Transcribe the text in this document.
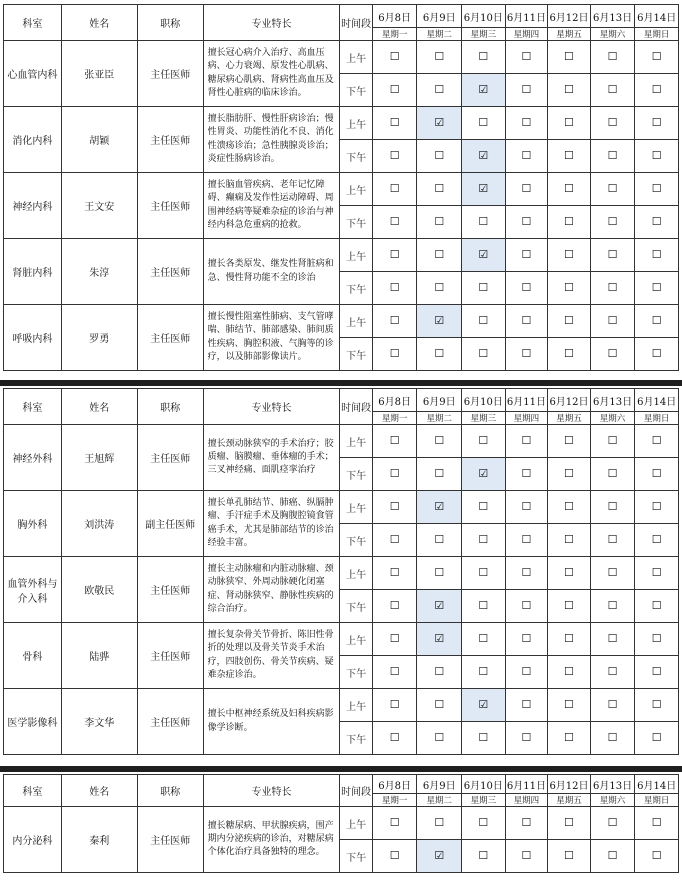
科室	姓名	职称	专业特长	时间段	6月8日	6月9日	6月10日	6月11日	6月12日	6月13日	6月14日
					星期一	星期二	星期三	星期四	星期五	星期六	星期日
心血管内科	张亚臣	主任医师	擅长冠心病介入治疗、高血压病、心力衰竭、原发性心肌病、糖尿病心肌病、肾病性高血压及肾性心脏病的临床诊治。	上午	☐	☐	☐	☐	☐	☐	☐
				下午	☐	☐	☑	☐	☐	☐	☐
消化内科	胡颖	主任医师	擅长脂肪肝、慢性肝病诊治；慢性胃炎、功能性消化不良、消化性溃疡诊治；急性胰腺炎诊治；炎症性肠病诊治。	上午	☐	☑	☐	☐	☐	☐	☐
				下午	☐	☐	☑	☐	☐	☐	☐
神经内科	王文安	主任医师	擅长脑血管疾病、老年记忆障碍、癫痫及发作性运动障碍、周围神经病等疑难杂症的诊治与神经内科急危重病的抢救。	上午	☐	☐	☑	☐	☐	☐	☐
				下午	☐	☐	☐	☐	☐	☐	☐
肾脏内科	朱淳	主任医师	擅长各类原发、继发性肾脏病和急、慢性肾功能不全的诊治	上午	☐	☐	☑	☐	☐	☐	☐
				下午	☐	☐	☐	☐	☐	☐	☐
呼吸内科	罗勇	主任医师	擅长慢性阻塞性肺病、支气管哮喘、肺结节、肺部感染、肺间质性疾病、胸腔积液、气胸等的诊疗，以及肺部影像读片。	上午	☐	☑	☐	☐	☐	☐	☐
				下午	☐	☐	☐	☐	☐	☐	☐
科室	姓名	职称	专业特长	时间段	6月8日	6月9日	6月10日	6月11日	6月12日	6月13日	6月14日
					星期一	星期二	星期三	星期四	星期五	星期六	星期日
神经外科	王旭辉	主任医师	擅长颈动脉狭窄的手术治疗；胶质瘤、脑膜瘤、垂体瘤的手术；三叉神经痛、面肌痉挛治疗	上午	☐	☐	☐	☐	☐	☐	☐
				下午	☐	☐	☑	☐	☐	☐	☐
胸外科	刘洪涛	副主任医师	擅长单孔肺结节、肺癌、纵膈肿瘤、手汗症手术及胸腹腔镜食管癌手术，尤其是肺部结节的诊治经验丰富。	上午	☐	☑	☐	☐	☐	☐	☐
				下午	☐	☐	☐	☐	☐	☐	☐
血管外科与介入科	欧敬民	主任医师	擅长主动脉瘤和内脏动脉瘤、颈动脉狭窄、外周动脉硬化闭塞症、肾动脉狭窄、静脉性疾病的综合治疗。	上午	☐	☐	☐	☐	☐	☐	☐
				下午	☐	☑	☐	☐	☐	☐	☐
骨科	陆骅	主任医师	擅长复杂骨关节骨折、陈旧性骨折的处理以及骨关节炎手术治疗，四肢创伤、骨关节疾病、疑难杂症诊治。	上午	☐	☑	☐	☐	☐	☐	☐
				下午	☐	☐	☐	☐	☐	☐	☐
医学影像科	李文华	主任医师	擅长中枢神经系统及妇科疾病影像学诊断。	上午	☐	☐	☑	☐	☐	☐	☐
				下午	☐	☐	☐	☐	☐	☐	☐
科室	姓名	职称	专业特长	时间段	6月8日	6月9日	6月10日	6月11日	6月12日	6月13日	6月14日
					星期一	星期二	星期三	星期四	星期五	星期六	星期日
内分泌科	秦利	主任医师	擅长糖尿病、甲状腺疾病，围产期内分泌疾病的诊治，对糖尿病个体化治疗具备独特的理念。	上午	☐	☐	☐	☐	☐	☐	☐
				下午	☐	☑	☐	☐	☐	☐	☐
